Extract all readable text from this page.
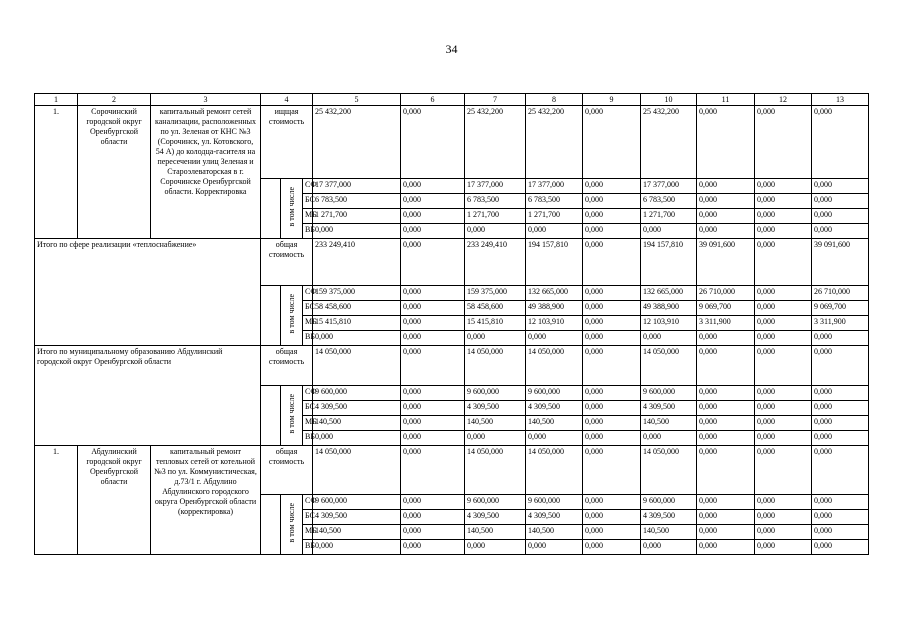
34
1	2	3	4			5	6	7	8	9	10	11	12	13
1.	Сорочинский городской округ Оренбургской области	капитальный ремонт сетей канализации, расположенных по ул. Зеленая от КНС №3 (Сорочинск, ул. Котовского, 54 А) до колодца-гасителя на пересечении улиц Зеленая и Староэлеваторская в г. Сорочинске Оренбургской области. Корректировка	ищщая стоимость			25 432,200	0,000	25 432,200	25 432,200	0,000	25 432,200	0,000	0,000	0,000
				в том числе	СФ	17 377,000	0,000	17 377,000	17 377,000	0,000	17 377,000	0,000	0,000	0,000
					БС	6 783,500	0,000	6 783,500	6 783,500	0,000	6 783,500	0,000	0,000	0,000
					МБ	1 271,700	0,000	1 271,700	1 271,700	0,000	1 271,700	0,000	0,000	0,000
					ВБ	0,000	0,000	0,000	0,000	0,000	0,000	0,000	0,000	0,000
Итого по сфере реализации «теплоснабжение»			общая стоимость			233 249,410	0,000	233 249,410	194 157,810	0,000	194 157,810	39 091,600	0,000	39 091,600
				в том числе	СФ	159 375,000	0,000	159 375,000	132 665,000	0,000	132 665,000	26 710,000	0,000	26 710,000
					БС	58 458,600	0,000	58 458,600	49 388,900	0,000	49 388,900	9 069,700	0,000	9 069,700
					МБ	15 415,810	0,000	15 415,810	12 103,910	0,000	12 103,910	3 311,900	0,000	3 311,900
					ВБ	0,000	0,000	0,000	0,000	0,000	0,000	0,000	0,000	0,000
Итого по муниципальному образованию Абдулинский городской округ Оренбургской области			общая стоимость			14 050,000	0,000	14 050,000	14 050,000	0,000	14 050,000	0,000	0,000	0,000
				в том числе	СФ	9 600,000	0,000	9 600,000	9 600,000	0,000	9 600,000	0,000	0,000	0,000
					БС	4 309,500	0,000	4 309,500	4 309,500	0,000	4 309,500	0,000	0,000	0,000
					МБ	140,500	0,000	140,500	140,500	0,000	140,500	0,000	0,000	0,000
					ВБ	0,000	0,000	0,000	0,000	0,000	0,000	0,000	0,000	0,000
1.	Абдулинский городской округ Оренбургской области	капитальный ремонт тепловых сетей от котельной №3 по ул. Коммунистическая, д.73/1 г. Абдулино Абдулинского городского округа Оренбургской области (корректировка)	общая стоимость			14 050,000	0,000	14 050,000	14 050,000	0,000	14 050,000	0,000	0,000	0,000
				в том числе	СФ	9 600,000	0,000	9 600,000	9 600,000	0,000	9 600,000	0,000	0,000	0,000
					БС	4 309,500	0,000	4 309,500	4 309,500	0,000	4 309,500	0,000	0,000	0,000
					МБ	140,500	0,000	140,500	140,500	0,000	140,500	0,000	0,000	0,000
					ВБ	0,000	0,000	0,000	0,000	0,000	0,000	0,000	0,000	0,000
